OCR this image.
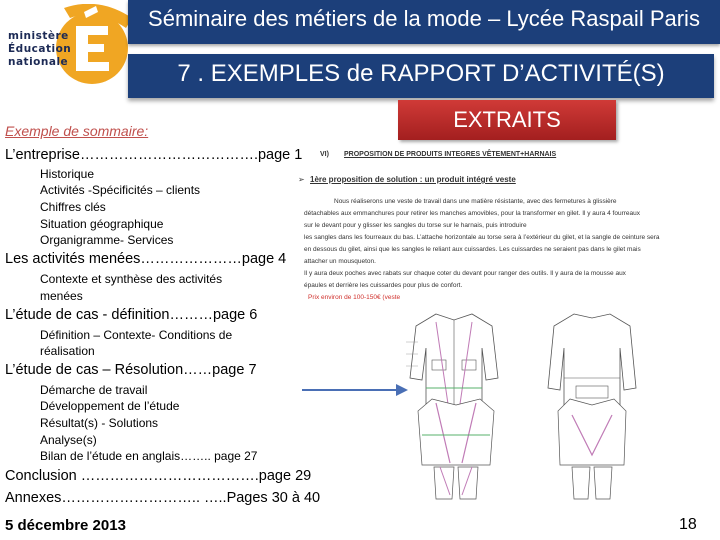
ministère
Éducation
nationale
Séminaire des métiers de la mode – Lycée Raspail Paris
7 . EXEMPLES de RAPPORT D’ACTIVITÉ(S)
EXTRAITS
Exemple de sommaire:
L’entreprise……………………………….page 1
Historique
Activités -Spécificités – clients
Chiffres clés
Situation géographique
Organigramme- Services
Les activités menées…………………page 4
Contexte et synthèse des activités
menées
L’étude de cas - définition………page 6
Définition – Contexte- Conditions de
réalisation
L’étude de cas – Résolution……page 7
Démarche de travail
Développement de l’étude
Résultat(s) - Solutions
Analyse(s)
Bilan de l’étude en anglais…….. page 27
Conclusion ……………………………….page 29
Annexes……………………….. …..Pages 30 à 40
5 décembre 2013	18
VI) PROPOSITION DE PRODUITS INTEGRES VÊTEMENT+HARNAIS
➢ 1ère proposition de solution : un produit intégré veste
Nous réaliserons une veste de travail dans une matière résistante, avec des fermetures à glissière
détachables aux emmanchures pour retirer les manches amovibles, pour la transformer en gilet. Il y aura 4 fourreaux
sur le devant pour y glisser les sangles du torse sur le harnais, puis introduire
les sangles dans les fourreaux du bas. L’attache horizontale au torse sera à l’extérieur du gilet, et la sangle de ceinture sera
en dessous du gilet, ainsi que les sangles le reliant aux cuissardes. Les cuissardes ne seraient pas dans le gilet mais
attacher un mousqueton.
Il y aura deux poches avec rabats sur chaque coter du devant pour ranger des outils. Il y aura de la mousse aux
épaules et derrière les cuissardes pour plus de confort.
Prix environ de 100-150€ (veste
